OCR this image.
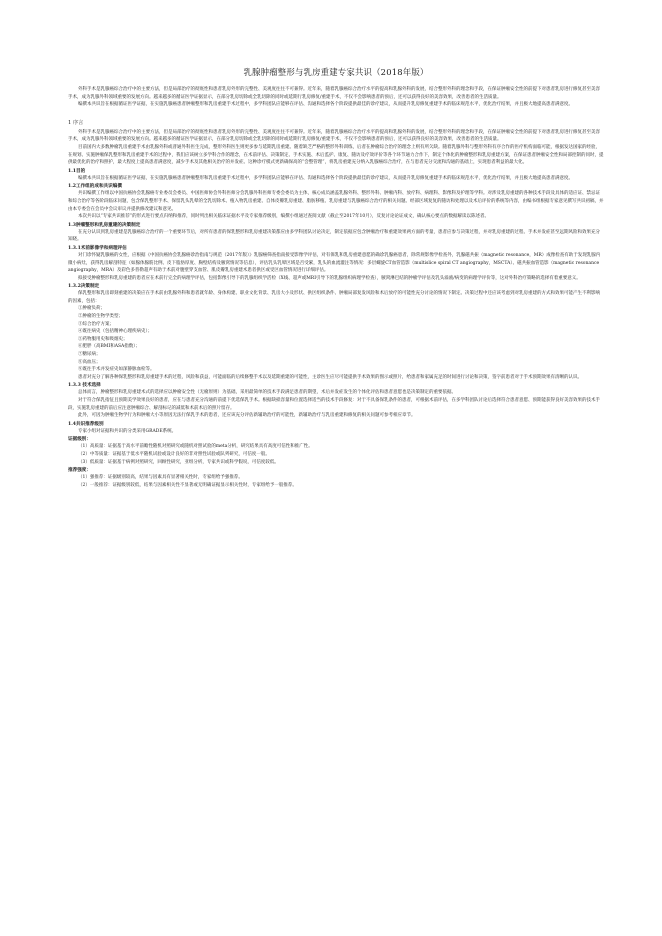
乳腺肿瘤整形与乳房重建专家共识（2018年版）

外科手术是乳腺癌综合治疗中的主要方法，但是局部治疗的彻底性和患者乳房外形的完整性、美观度往往不可兼得。近年来，随着乳腺癌综合治疗水平的提高和乳腺外科的发展，结合整形外科的理念和手段，在保证肿瘤安全性的前提下对患者乳房进行修复甚至美容手术，成为乳腺外科领域重要的发展方向。越来越多的循证医学证据显示，在部分乳房切除或全乳切除的同时或延期行乳房修复/重建手术，不仅不会影响患者的预后，还可以获得良好的美容效果，改善患者的生活质量。

编撰本共识旨在根据循证医学证据，在实施乳腺癌患者肿瘤整形和乳房重建手术过程中，多学科团队应能够在评估、沟通和选择各个阶段提供最佳的诊疗建议，从而提升乳房修复重建手术的临床规范水平，优化治疗结果，并且极大地提高患者满意度。

1 序言

外科手术是乳腺癌综合治疗中的主要方法，但是局部治疗的彻底性和患者乳房外形的完整性、美观度往往不可兼得。近年来，随着乳腺癌综合治疗水平的提高和乳腺外科的发展，结合整形外科的理念和手段，在保证肿瘤安全性的前提下对患者乳房进行修复甚至美容手术，成为乳腺外科领域重要的发展方向。越来越多的循证医学证据显示，在部分乳房切除或全乳切除的同时或延期行乳房修复/重建手术，不仅不会影响患者的预后，还可以获得良好的美容效果，改善患者的生活质量。

目前国内大多数肿瘤乳房重建手术由乳腺外科或普通外科医生完成，整形外科医生则更多参与延期乳房重建。随着缺乏严格的整形外科训练，后者在肿瘤综合治疗的理念上则有所欠缺。随着乳腺外科与整形外科有序合作的医疗机构面临可能，根据发达国家的经验，在规划、实施肿瘤保乳整形和乳房重建手术的过程中，我们应该树立多学科合作的理念，在术前评估、决策制定、手术实施、术后监护、康复、随访及疗效评价等各个环节通力合作下，制定个体化的肿瘤整形和乳房重建方案，在保证患者肿瘤安全性和局部控制的同时，提供最优化的治疗和照护，最大程度上提高患者满意度，减少手术及其他相关治疗的并发症。这种诊疗模式更新确保高的“会整管理”，将乳房重建充分纳入乳腺癌综合治疗，在与患者充分交流和沟通的基础上，实现患者利益的最大化。

1.1目的

编撰本共识旨在根据循证医学证据，在实施乳腺癌患者肿瘤整形和乳房重建手术过程中，多学科团队应能够在评估、沟通和选择各个阶段提供最佳的诊疗建议，从而提升乳房修复重建手术的临床规范水平，优化治疗结果，并且极大地提高患者满意度。

1.2工作组的成和共识编撰

共识编撰工作组以中国抗癌协会乳腺癌专业委员会委员、中国医师协会外科医师分会乳腺外科医师专委会委员为主体，核心成员涵盖乳腺外科、整形外科、肿瘤内科、放疗科、病理科、影像科及护理等学科。对涉及乳房重建的各种技术手段及具体的适应证、禁忌证和综合治疗等各阶段临床问题，包含保乳整形手术、保留乳头乳晕的全乳切除术、植入物乳房重建、自体皮瓣乳房重建、脂肪移植、乳房重建与乳腺癌综合治疗的相关问题。经部区域复复的随访和处理以及术后评价的系统等内容，由编书组根据专家意见撰写共识初稿，并由本专委会在会员中会议审议并提供修改建议和意见。

本次共识以“专家共识推荐”的形式进行要点归纳和推荐，同时列出相关临床证据水平及专家推荐级别，编撰小组通过查阅文献（截止至2017年10月），反复讨论论证成文，确认核心要点的数据解读以陈述者。

1.3肿瘤整形和乳房重建的决策制定

在充分认识到乳房重建是乳腺癌综合治疗的一个重要环节后，对所有患者的保乳整形和乳房重建决策都应由多学科团队讨论决定，制定依据应包含肿瘤治疗和重建效果两方面的考量，患者应参与决策过程，并对乳房重建的过程、手术并发症甚至远期风险和效果充分知晓。

1.3.1术前影像学和病理评估

对门诊怀疑乳腺癌的女性，应根据《中国抗癌协会乳腺癌诊治指南与规范（2017年版）》乳腺癌筛查指南接受影像学评估，对有保乳和乳房重建意愿的确诊乳腺癌患者，除常规影像学检查外，乳腺磁共振（magnetic resonance，MR）成像检查有助于发现乳腺内微小病灶，获得乳房解剖特征（如腺体腺筋比例、皮下脂肪厚度、胸壁结构及腋窝情况等信息），评估乳头乳晕区域是否受累，乳头的血流灌注等情况：多层螺旋CT血管造影（multislice spiral CT angiography，MSCTA）、磁共振血管造影（magnetic resonance angiography，MRA）及彩色多普勒超声有助于术前对腹壁穿支血管、肌皮瓣乳房重建术患者供区或受区血管情况进行详细评估。

拟接受肿瘤整形和乳房重建的患者应在术前行完全的病理学评估，包括影像引导下的乳腺组织学活检（X线、超声或MRI引导下的乳腺组织病理学检查），腋窝淋巴结的肿瘤学评估及乳头溢液/病变的病理学评价等，这对外科治疗策略的选择有着重要意义。

1.3.2决策制定

保乳整形和乳房即刻重建的决策应在手术前由乳腺外科和患者就年龄、身体构建、职业文化背景、乳房大小及形状、供区组织条件、肿瘤局部复发风险和术后放疗的可能性充分讨论的情况下制定。决策过程中还应该考虑到对乳房重建的方式和效果可能产生不利影响的因素，包括：

①肿瘤负荷；
②肿瘤的生物学类型；
③综合治疗方案；
④既往病史（包括精神心理疾病史）；
⑤药物服用史和吸烟史；
⑥肥胖（高BMI和ASA指数）；
⑦糖尿病；
⑧高血压；
⑨既往手术并发症史如深静脉血栓等。

患者对充分了解各种保乳整形和乳房重建手术的过程，风险和获益，可能面临的后续修整手术以及延期重建的可能性，主诊医生应尽可能提供手术效果的图示或照片，给患者和家属充足的时间进行讨论和决策，签字前患者对于手术预期效果有清晰的认识。

1.3.3 技术选择

总体而言，肿瘤整形和乳房重建术式的选择应以肿瘤安全性（无瘤原则）为基础，采用最简单的技术手段满足患者的期望，术后并发症发生的个体化评估和患者意愿也是决策制定的重要依据。

对于符合保乳指征且预期美学效果良好的患者，应在与患者充分沟通的前提下优选保乳手术。根据缺损容量和位置选择适当的技术手段修复：对于不具备保乳条件的患者，可根据术前评估，在多学科团队讨论后选择符合患者意愿、预期能获得良好美容效果的技术手段，实施乳房重建的前后应注意肿瘤综合、解剖标记的减低和术前术后的照片留存。

此外，可因为肿瘤生物学行为和肿瘤大小等原因无法行保乳手术的患者，还应该充分评估新辅助治疗的可能性，新辅助治疗与乳房重建和修复的相关问题可参考相应章节。

1.4共识推荐级别

专家小组对证据和共识的分类采用GRADE系统。

证据级别：
（1）高质量：证据基于高水平前瞻性随机对照研究或随机对照试验的meta分析，研究结果具有高度可信性和推广性。
（2）中等质量：证据基于低水平随机试验或设计良好的非对照性试验或队列研究，可信度一般。
（3）低质量：证据基于病例对照研究，回顾性研究，亚组分析，专家共识或科学假说，可信度较低。
推荐强度：
（1）强推荐：证据级别较高，结果与因素具有显著相关性时，专家组给予强推荐。
（2）一般推荐：证据级别较低，结果与因素相关性不显著或无明确证据显示相关性时，专家组给予一般推荐。
